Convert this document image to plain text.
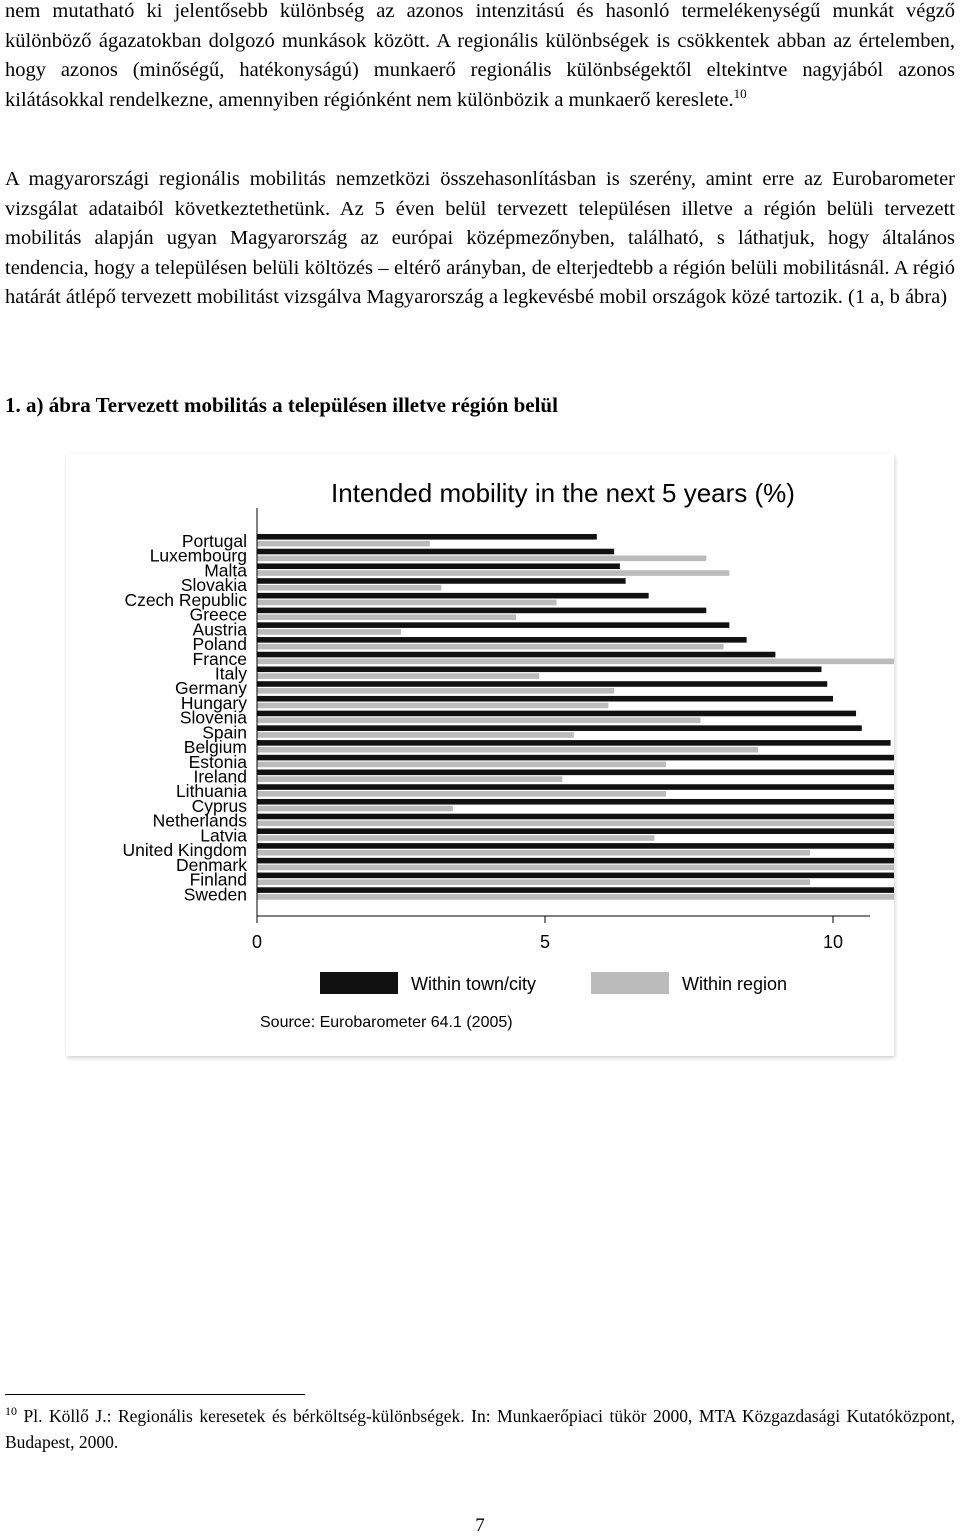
nem mutatható ki jelentősebb különbség az azonos intenzitású és hasonló termelékenységű munkát végző különböző ágazatokban dolgozó munkások között. A regionális különbségek is csökkentek abban az értelemben, hogy azonos (minőségű, hatékonyságú) munkaerő regionális különbségektől eltekintve nagyjából azonos kilátásokkal rendelkezne, amennyiben régiónként nem különbözik a munkaerő kereslete.$^{10}$

A magyarországi regionális mobilitás nemzetközi összehasonlításban is szerény, amint erre az Eurobarometer vizsgálat adataiból következtethetünk. Az 5 éven belül tervezett településen illetve a régión belüli tervezett mobilitás alapján ugyan Magyarország az európai középmezőnyben, található, s láthatjuk, hogy általános tendencia, hogy a településen belüli költözés – eltérő arányban, de elterjedtebb a régión belüli mobilitásnál. A régió határát átlépő tervezett mobilitást vizsgálva Magyarország a legkevésbé mobil országok közé tartozik. (1 a, b ábra)

1. a) ábra Tervezett mobilitás a településen illetve régión belül

Intended mobility in the next 5 years (%)
Portugal
Luxembourg
Malta
Slovakia
Czech Republic
Greece
Austria
Poland
France
Italy
Germany
Hungary
Slovenia
Spain
Belgium
Estonia
Ireland
Lithuania
Cyprus
Netherlands
Latvia
United Kingdom
Denmark
Finland
Sweden
0	5	10
Within town/city	Within region
Source: Eurobarometer 64.1 (2005)

$^{10}$ Pl. Köllő J.: Regionális keresetek és bérköltség-különbségek. In: Munkaerőpiaci tükör 2000, MTA Közgazdasági Kutatóközpont, Budapest, 2000.

7
